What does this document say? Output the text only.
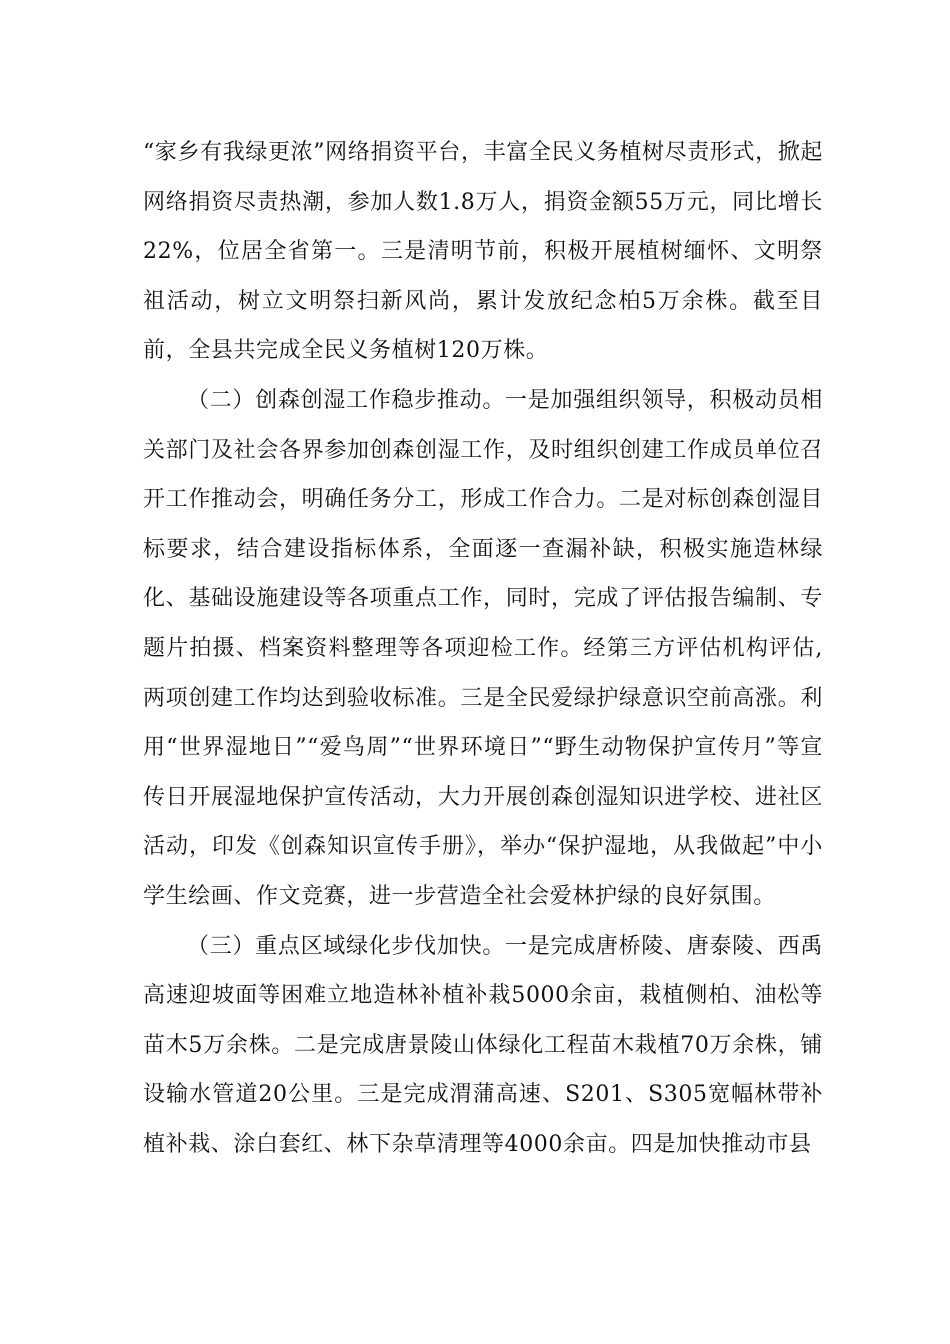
“家乡有我绿更浓”网络捐资平台，丰富全民义务植树尽责形式，掀起网络捐资尽责热潮，参加人数1.8万人，捐资金额55万元，同比增长22%，位居全省第一。三是清明节前，积极开展植树缅怀、文明祭祖活动，树立文明祭扫新风尚，累计发放纪念柏5万余株。截至目前，全县共完成全民义务植树120万株。

（二）创森创湿工作稳步推动。一是加强组织领导，积极动员相关部门及社会各界参加创森创湿工作，及时组织创建工作成员单位召开工作推动会，明确任务分工，形成工作合力。二是对标创森创湿目标要求，结合建设指标体系，全面逐一查漏补缺，积极实施造林绿化、基础设施建设等各项重点工作，同时，完成了评估报告编制、专题片拍摄、档案资料整理等各项迎检工作。经第三方评估机构评估,两项创建工作均达到验收标准。三是全民爱绿护绿意识空前高涨。利用“世界湿地日”“爱鸟周”“世界环境日”“野生动物保护宣传月”等宣传日开展湿地保护宣传活动，大力开展创森创湿知识进学校、进社区活动，印发《创森知识宣传手册》，举办“保护湿地，从我做起”中小学生绘画、作文竞赛，进一步营造全社会爱林护绿的良好氛围。

（三）重点区域绿化步伐加快。一是完成唐桥陵、唐泰陵、西禹高速迎坡面等困难立地造林补植补栽5000余亩，栽植侧柏、油松等苗木5万余株。二是完成唐景陵山体绿化工程苗木栽植70万余株，铺设输水管道20公里。三是完成渭蒲高速、S201、S305宽幅林带补植补栽、涂白套红、林下杂草清理等4000余亩。四是加快推动市县
